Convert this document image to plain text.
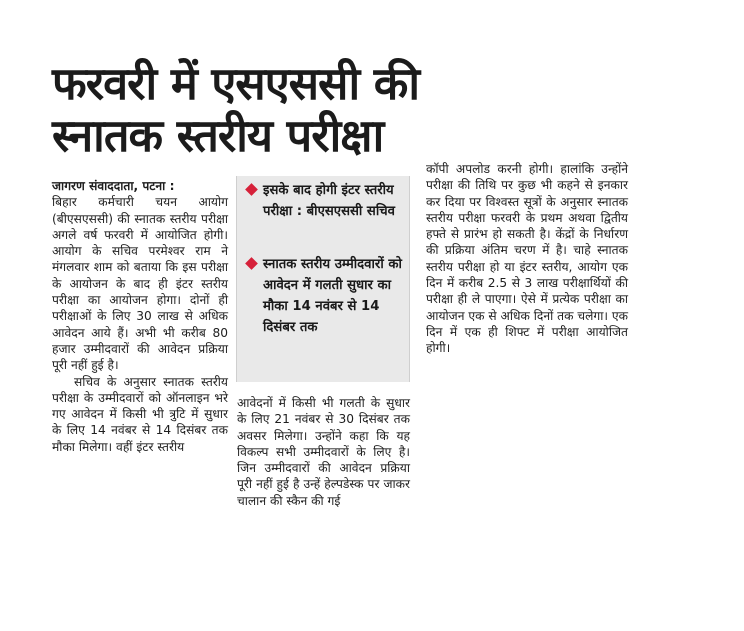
फरवरी में एसएससी की
स्नातक स्तरीय परीक्षा

जागरण संवाददाता, पटना :

बिहार कर्मचारी चयन आयोग (बीएसएससी) की स्नातक स्तरीय परीक्षा अगले वर्ष फरवरी में आयोजित होगी। आयोग के सचिव परमेश्वर राम ने मंगलवार शाम को बताया कि इस परीक्षा के आयोजन के बाद ही इंटर स्तरीय परीक्षा का आयोजन होगा। दोनों ही परीक्षाओं के लिए 30 लाख से अधिक आवेदन आये हैं। अभी भी करीब 80 हजार उम्मीदवारों की आवेदन प्रक्रिया पूरी नहीं हुई है।

सचिव के अनुसार स्नातक स्तरीय परीक्षा के उम्मीदवारों को ऑनलाइन भरे गए आवेदन में किसी भी त्रुटि में सुधार के लिए 14 नवंबर से 14 दिसंबर तक मौका मिलेगा। वहीं इंटर स्तरीय

इसके बाद होगी इंटर स्तरीय परीक्षा : बीएसएससी सचिव
स्नातक स्तरीय उम्मीदवारों को आवेदन में गलती सुधार का मौका 14 नवंबर से 14 दिसंबर तक

आवेदनों में किसी भी गलती के सुधार के लिए 21 नवंबर से 30 दिसंबर तक अवसर मिलेगा। उन्होंने कहा कि यह विकल्प सभी उम्मीदवारों के लिए है। जिन उम्मीदवारों की आवेदन प्रक्रिया पूरी नहीं हुई है उन्हें हेल्पडेस्क पर जाकर चालान की स्कैन की गई

कॉपी अपलोड करनी होगी। हालांकि उन्होंने परीक्षा की तिथि पर कुछ भी कहने से इनकार कर दिया पर विश्वस्त सूत्रों के अनुसार स्नातक स्तरीय परीक्षा फरवरी के प्रथम अथवा द्वितीय हफ्ते से प्रारंभ हो सकती है। केंद्रों के निर्धारण की प्रक्रिया अंतिम चरण में है। चाहे स्नातक स्तरीय परीक्षा हो या इंटर स्तरीय, आयोग एक दिन में करीब 2.5 से 3 लाख परीक्षार्थियों की परीक्षा ही ले पाएगा। ऐसे में प्रत्येक परीक्षा का आयोजन एक से अधिक दिनों तक चलेगा। एक दिन में एक ही शिफ्ट में परीक्षा आयोजित होगी।
